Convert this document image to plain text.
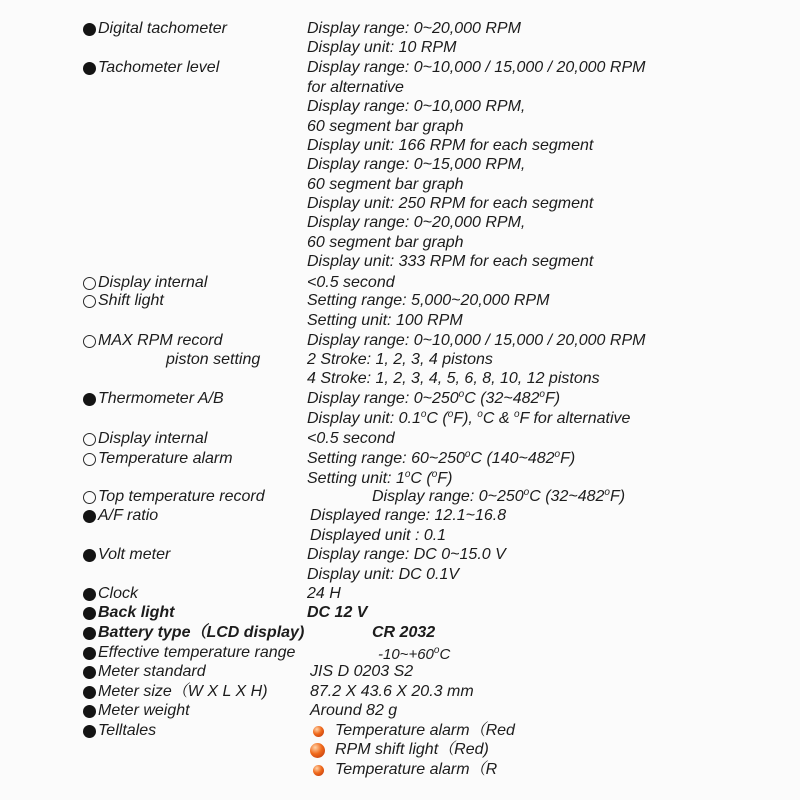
Digital tachometer	Display range: 0~20,000 RPM
Display unit: 10 RPM
Tachometer level	Display range: 0~10,000 / 15,000 / 20,000 RPM
for alternative
Display range: 0~10,000 RPM,
60 segment bar graph
Display unit: 166 RPM for each segment
Display range: 0~15,000 RPM,
60 segment bar graph
Display unit: 250 RPM for each segment
Display range: 0~20,000 RPM,
60 segment bar graph
Display unit: 333 RPM for each segment
Display internal	<0.5 second
Shift light	Setting range: 5,000~20,000 RPM
Setting unit: 100 RPM
MAX RPM record	Display range: 0~10,000 / 15,000 / 20,000 RPM
piston setting	2 Stroke: 1, 2, 3, 4 pistons
4 Stroke: 1, 2, 3, 4, 5, 6, 8, 10, 12 pistons
Thermometer A/B	Display range: 0~250$^o$C (32~482$^o$F)
Display unit: 0.1$^o$C ($^o$F), $^o$C & $^o$F for alternative
Display internal	<0.5 second
Temperature alarm	Setting range: 60~250$^o$C (140~482$^o$F)
Setting unit: 1$^o$C ($^o$F)
Top temperature record	Display range: 0~250$^o$C (32~482$^o$F)
A/F ratio	Displayed range: 12.1~16.8
Displayed unit : 0.1
Volt meter	Display range: DC 0~15.0 V
Display unit: DC 0.1V
Clock	24 H
Back light	DC 12 V
Battery type（LCD display)	CR 2032
Effective temperature range	$-10\sim+60^oC$
Meter standard	JIS D 0203 S2
Meter size（W X L X H)	87.2 X 43.6 X 20.3 mm
Meter weight	Around 82 g
Telltales	Temperature alarm（Red
RPM shift light（Red)
Temperature alarm（R
